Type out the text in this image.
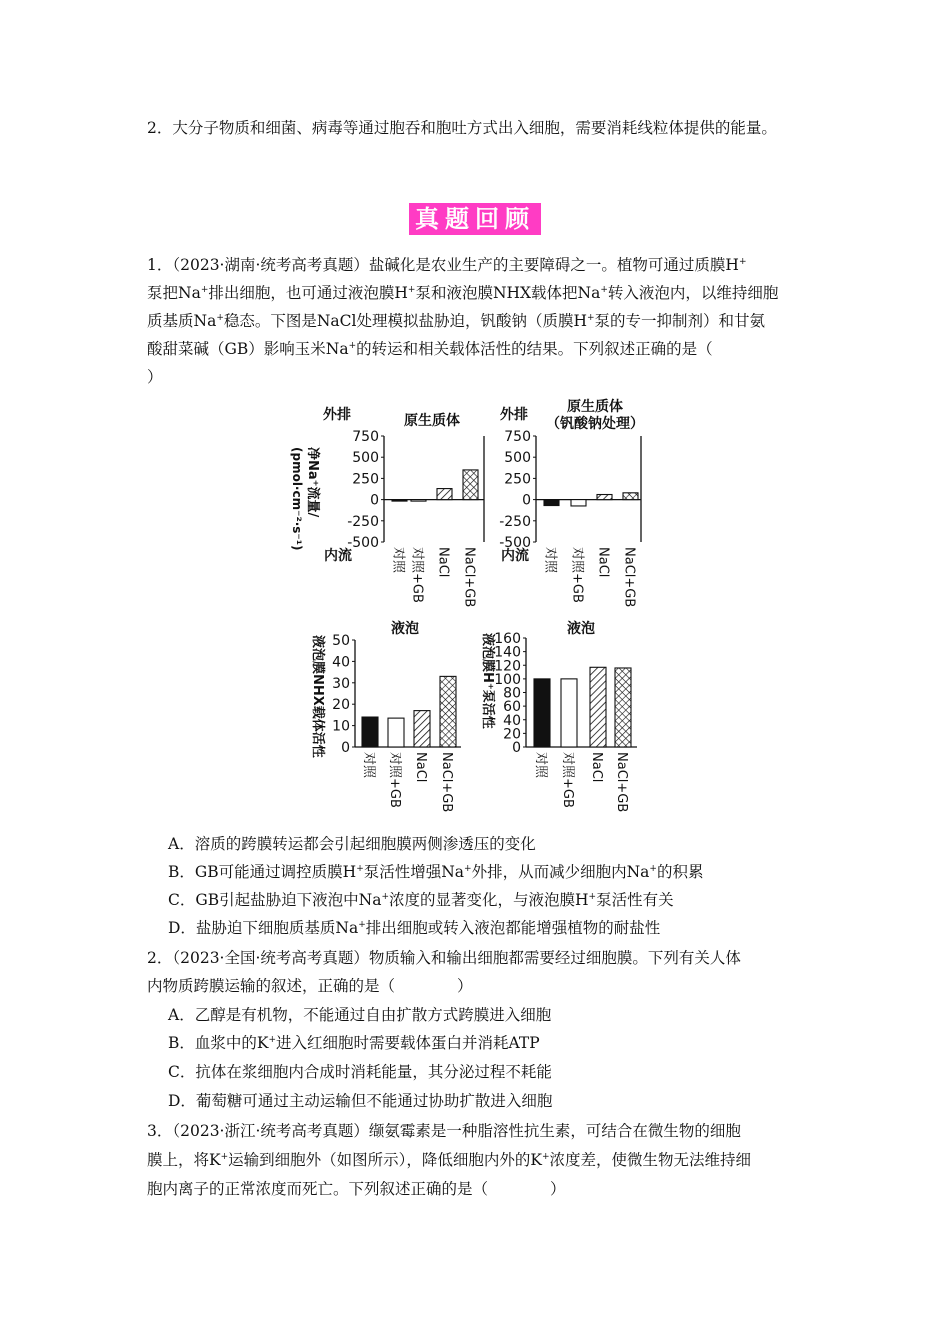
2．大分子物质和细菌、病毒等通过胞吞和胞吐方式出入细胞，需要消耗线粒体提供的能量。
真题回顾
1．（2023·湖南·统考高考真题）盐碱化是农业生产的主要障碍之一。植物可通过质膜H+
泵把Na+排出细胞，也可通过液泡膜H+泵和液泡膜NHX载体把Na+转入液泡内，以维持细胞
质基质Na+稳态。下图是NaCl处理模拟盐胁迫，钒酸钠（质膜H+泵的专一抑制剂）和甘氨
酸甜菜碱（GB）影响玉米Na+的转运和相关载体活性的结果。下列叙述正确的是（
）
750
500
250
0
-250
-500
原生质体
对照 对照+GB NaCl NaCl+GB
750
500
250
0
-250
-500
原生质体
（钒酸钠处理）
对照 对照+GB NaCl NaCl+GB
50
40
30
20
10
0
液泡
对照 对照+GB NaCl NaCl+GB
160
140
120
100
80
60
40
20
0
液泡
对照 对照+GB NaCl NaCl+GB
外排	外排
内流	内流
净Na⁺流量/
(pmol·cm⁻²·s⁻¹)
液泡膜NHX载体活性	液泡膜H⁺泵活性
A．溶质的跨膜转运都会引起细胞膜两侧渗透压的变化
B．GB可能通过调控质膜H+泵活性增强Na+外排，从而减少细胞内Na+的积累
C．GB引起盐胁迫下液泡中Na+浓度的显著变化，与液泡膜H+泵活性有关
D．盐胁迫下细胞质基质Na+排出细胞或转入液泡都能增强植物的耐盐性
2．（2023·全国·统考高考真题）物质输入和输出细胞都需要经过细胞膜。下列有关人体
内物质跨膜运输的叙述，正确的是（　　　　）
A．乙醇是有机物，不能通过自由扩散方式跨膜进入细胞
B．血浆中的K+进入红细胞时需要载体蛋白并消耗ATP
C．抗体在浆细胞内合成时消耗能量，其分泌过程不耗能
D．葡萄糖可通过主动运输但不能通过协助扩散进入细胞
3．（2023·浙江·统考高考真题）缬氨霉素是一种脂溶性抗生素，可结合在微生物的细胞
膜上，将K+运输到细胞外（如图所示），降低细胞内外的K+浓度差，使微生物无法维持细
胞内离子的正常浓度而死亡。下列叙述正确的是（　　　　）
